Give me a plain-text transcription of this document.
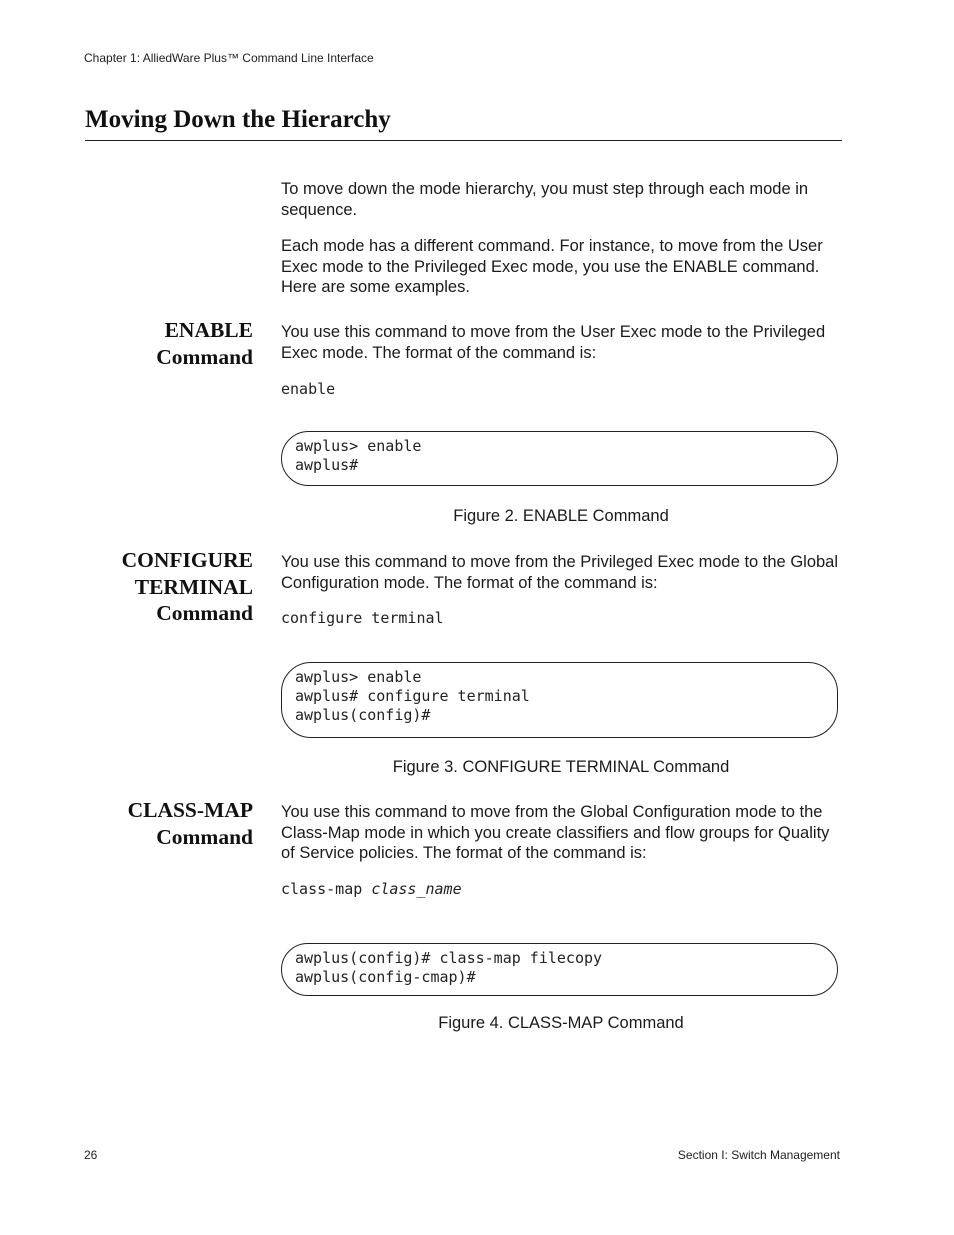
Chapter 1: AlliedWare Plus™ Command Line Interface
Moving Down the Hierarchy

To move down the mode hierarchy, you must step through each mode in sequence.

Each mode has a different command. For instance, to move from the User Exec mode to the Privileged Exec mode, you use the ENABLE command. Here are some examples.

ENABLE
Command

You use this command to move from the User Exec mode to the Privileged Exec mode. The format of the command is:

enable
awplus> enable
awplus#

Figure 2. ENABLE Command

CONFIGURE
TERMINAL
Command

You use this command to move from the Privileged Exec mode to the Global Configuration mode. The format of the command is:

configure terminal
awplus> enable
awplus# configure terminal
awplus(config)#

Figure 3. CONFIGURE TERMINAL Command

CLASS-MAP
Command

You use this command to move from the Global Configuration mode to the Class-Map mode in which you create classifiers and flow groups for Quality of Service policies. The format of the command is:

class-map class_name
awplus(config)# class-map filecopy
awplus(config-cmap)#

Figure 4. CLASS-MAP Command

26	Section I: Switch Management
